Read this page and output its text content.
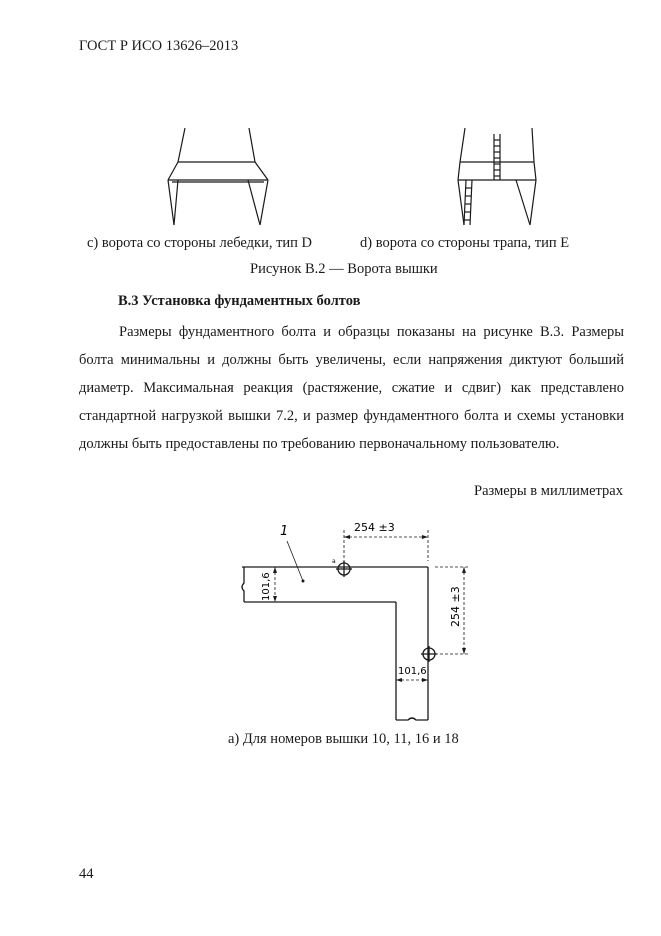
ГОСТ Р ИСО 13626–2013
c) ворота со стороны лебедки, тип D	d) ворота со стороны трапа, тип E
Рисунок B.2 — Ворота вышки
B.3 Установка фундаментных болтов

Размеры фундаментного болта и образцы показаны на рисунке B.3. Размеры болта минимальны и должны быть увеличены, если напряжения диктуют больший диаметр. Максимальная реакция (растяжение, сжатие и сдвиг) как представлено стандартной нагрузкой вышки 7.2, и размер фундаментного болта и схемы установки должны быть предоставлены по требованию первоначальному пользователю.

Размеры в миллиметрах
1
a
254 ±3
254 ±3
101,6
101,6
a) Для номеров вышки 10, 11, 16 и 18
44
